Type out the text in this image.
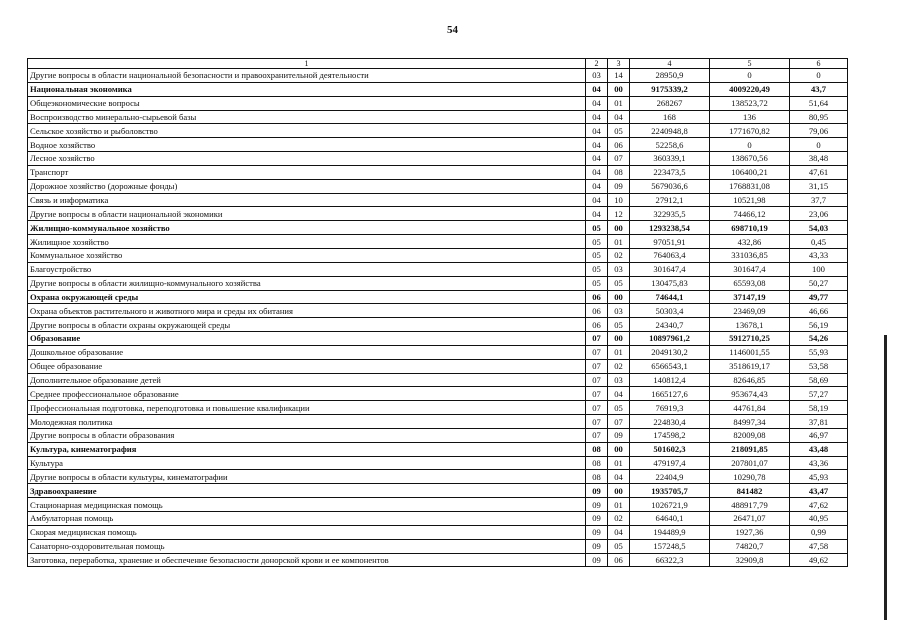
54
1	2	3	4	5	6
Другие вопросы в области национальной безопасности и правоохранительной деятельности	03	14	28950,9	0	0
Национальная экономика	04	00	9175339,2	4009220,49	43,7
Общеэкономические вопросы	04	01	268267	138523,72	51,64
Воспроизводство минерально-сырьевой базы	04	04	168	136	80,95
Сельское хозяйство и рыболовство	04	05	2240948,8	1771670,82	79,06
Водное хозяйство	04	06	52258,6	0	0
Лесное хозяйство	04	07	360339,1	138670,56	38,48
Транспорт	04	08	223473,5	106400,21	47,61
Дорожное хозяйство (дорожные фонды)	04	09	5679036,6	1768831,08	31,15
Связь и информатика	04	10	27912,1	10521,98	37,7
Другие вопросы в области национальной экономики	04	12	322935,5	74466,12	23,06
Жилищно-коммунальное хозяйство	05	00	1293238,54	698710,19	54,03
Жилищное хозяйство	05	01	97051,91	432,86	0,45
Коммунальное хозяйство	05	02	764063,4	331036,85	43,33
Благоустройство	05	03	301647,4	301647,4	100
Другие вопросы в области жилищно-коммунального хозяйства	05	05	130475,83	65593,08	50,27
Охрана окружающей среды	06	00	74644,1	37147,19	49,77
Охрана объектов растительного и животного мира и среды их обитания	06	03	50303,4	23469,09	46,66
Другие вопросы в области охраны окружающей среды	06	05	24340,7	13678,1	56,19
Образование	07	00	10897961,2	5912710,25	54,26
Дошкольное образование	07	01	2049130,2	1146001,55	55,93
Общее образование	07	02	6566543,1	3518619,17	53,58
Дополнительное образование детей	07	03	140812,4	82646,85	58,69
Среднее профессиональное образование	07	04	1665127,6	953674,43	57,27
Профессиональная подготовка, переподготовка и повышение квалификации	07	05	76919,3	44761,84	58,19
Молодежная политика	07	07	224830,4	84997,34	37,81
Другие вопросы в области образования	07	09	174598,2	82009,08	46,97
Культура, кинематография	08	00	501602,3	218091,85	43,48
Культура	08	01	479197,4	207801,07	43,36
Другие вопросы в области культуры, кинематографии	08	04	22404,9	10290,78	45,93
Здравоохранение	09	00	1935705,7	841482	43,47
Стационарная медицинская помощь	09	01	1026721,9	488917,79	47,62
Амбулаторная помощь	09	02	64640,1	26471,07	40,95
Скорая медицинская помощь	09	04	194489,9	1927,36	0,99
Санаторно-оздоровительная помощь	09	05	157248,5	74820,7	47,58
Заготовка, переработка, хранение и обеспечение безопасности донорской крови и ее компонентов	09	06	66322,3	32909,8	49,62
